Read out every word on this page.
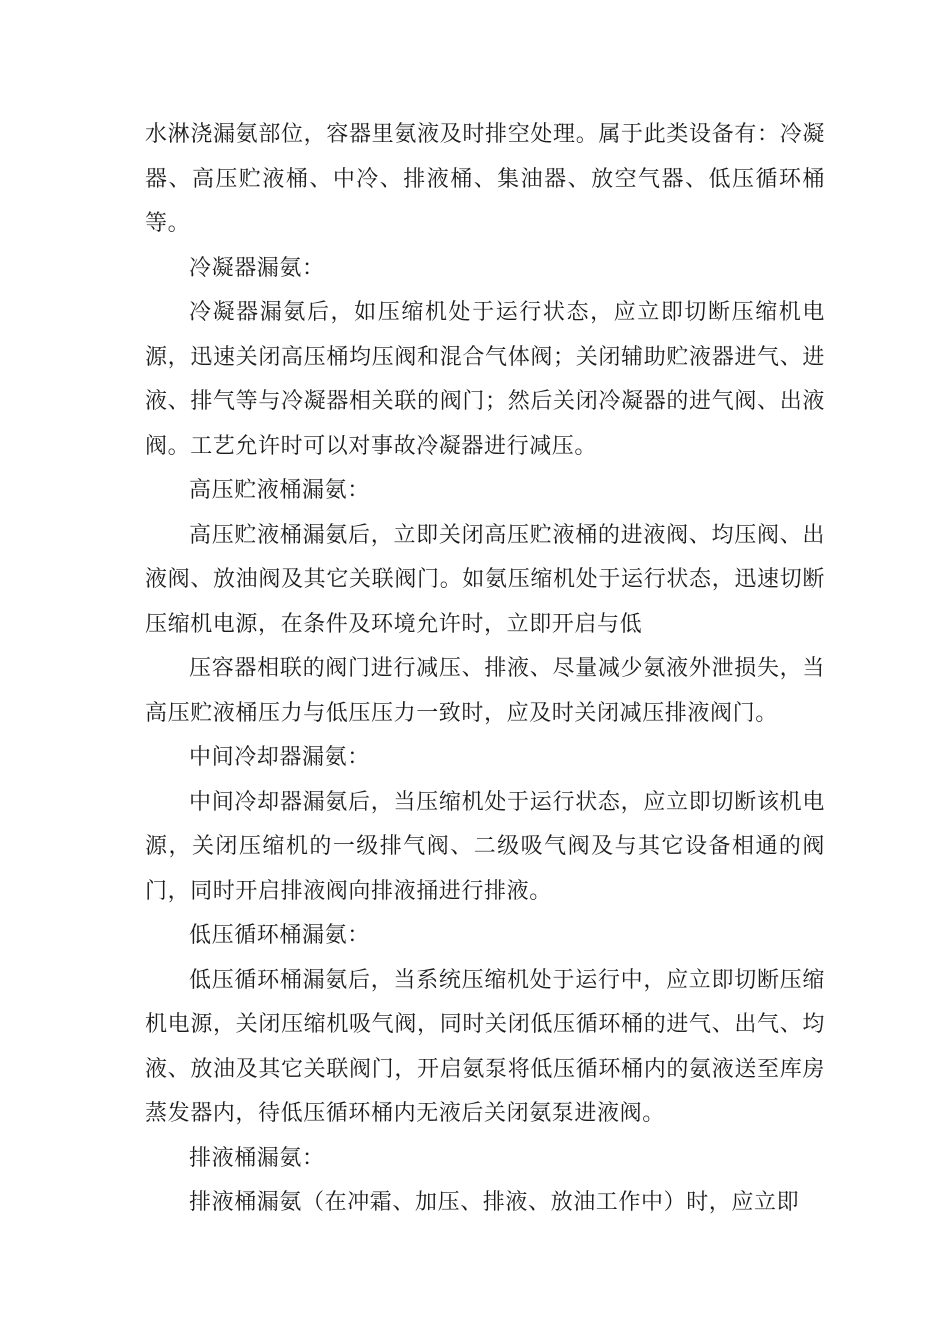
水淋浇漏氨部位，容器里氨液及时排空处理。属于此类设备有：冷凝器、高压贮液桶、中冷、排液桶、集油器、放空气器、低压循环桶等。

冷凝器漏氨：

冷凝器漏氨后，如压缩机处于运行状态，应立即切断压缩机电源，迅速关闭高压桶均压阀和混合气体阀；关闭辅助贮液器进气、进液、排气等与冷凝器相关联的阀门；然后关闭冷凝器的进气阀、出液阀。工艺允许时可以对事故冷凝器进行减压。

高压贮液桶漏氨：

高压贮液桶漏氨后，立即关闭高压贮液桶的进液阀、均压阀、出液阀、放油阀及其它关联阀门。如氨压缩机处于运行状态，迅速切断压缩机电源，在条件及环境允许时，立即开启与低

压容器相联的阀门进行减压、排液、尽量减少氨液外泄损失，当高压贮液桶压力与低压压力一致时，应及时关闭减压排液阀门。

中间冷却器漏氨：

中间冷却器漏氨后，当压缩机处于运行状态，应立即切断该机电源，关闭压缩机的一级排气阀、二级吸气阀及与其它设备相通的阀门，同时开启排液阀向排液捅进行排液。

低压循环桶漏氨：

低压循环桶漏氨后，当系统压缩机处于运行中，应立即切断压缩机电源，关闭压缩机吸气阀，同时关闭低压循环桶的进气、出气、均液、放油及其它关联阀门，开启氨泵将低压循环桶内的氨液送至库房蒸发器内，待低压循环桶内无液后关闭氨泵进液阀。

排液桶漏氨：

排液桶漏氨（在冲霜、加压、排液、放油工作中）时，应立即
